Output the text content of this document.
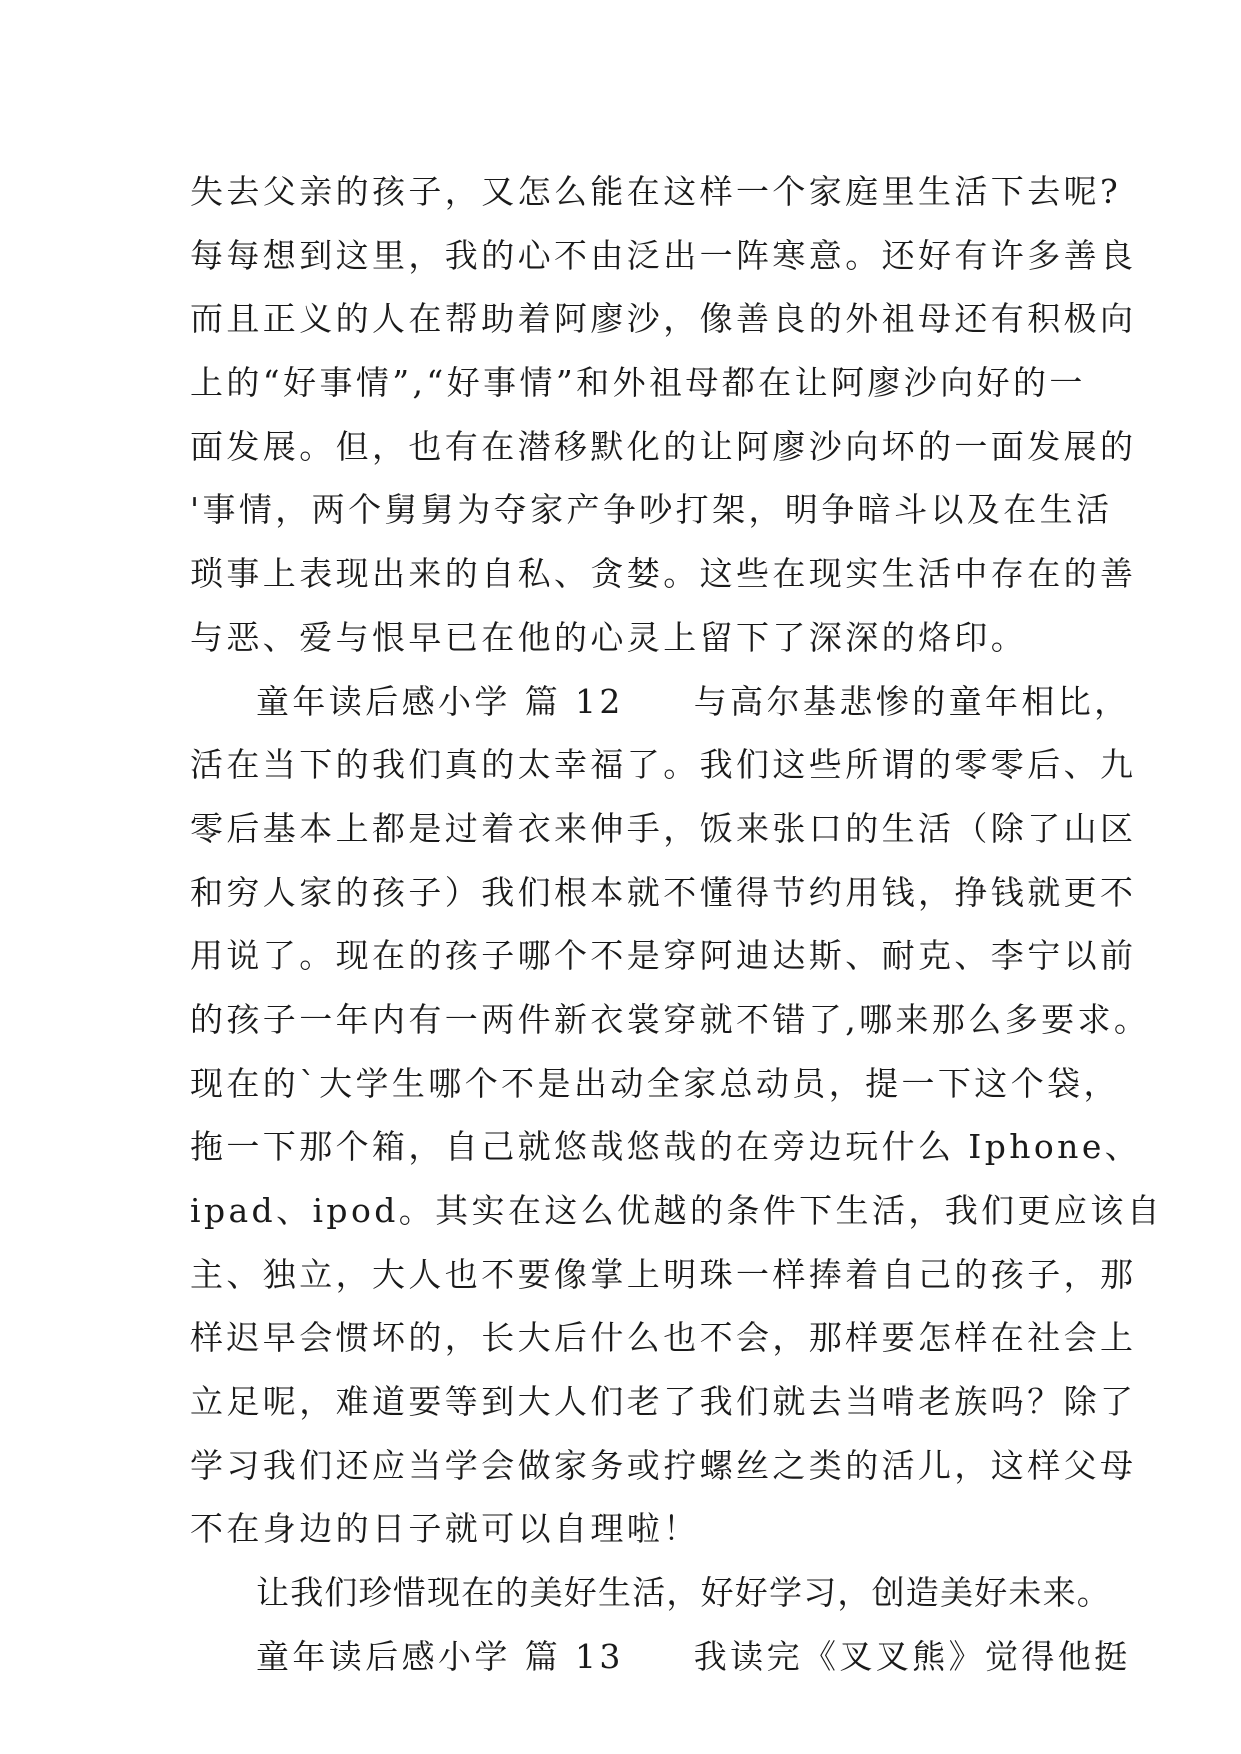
失去父亲的孩子，又怎么能在这样一个家庭里生活下去呢?
每每想到这里，我的心不由泛出一阵寒意。还好有许多善良
而且正义的人在帮助着阿廖沙，像善良的外祖母还有积极向
上的“好事情”,“好事情”和外祖母都在让阿廖沙向好的一
面发展。但，也有在潜移默化的让阿廖沙向坏的一面发展的
'事情，两个舅舅为夺家产争吵打架，明争暗斗以及在生活
琐事上表现出来的自私、贪婪。这些在现实生活中存在的善
与恶、爱与恨早已在他的心灵上留下了深深的烙印。
童年读后感小学 篇 12 与高尔基悲惨的童年相比，
活在当下的我们真的太幸福了。我们这些所谓的零零后、九
零后基本上都是过着衣来伸手，饭来张口的生活（除了山区
和穷人家的孩子）我们根本就不懂得节约用钱，挣钱就更不
用说了。现在的孩子哪个不是穿阿迪达斯、耐克、李宁以前
的孩子一年内有一两件新衣裳穿就不错了,哪来那么多要求。
现在的`大学生哪个不是出动全家总动员，提一下这个袋，
拖一下那个箱，自己就悠哉悠哉的在旁边玩什么 Iphone、
ipad、ipod。其实在这么优越的条件下生活，我们更应该自
主、独立，大人也不要像掌上明珠一样捧着自己的孩子，那
样迟早会惯坏的，长大后什么也不会，那样要怎样在社会上
立足呢，难道要等到大人们老了我们就去当啃老族吗？除了
学习我们还应当学会做家务或拧螺丝之类的活儿，这样父母
不在身边的日子就可以自理啦！
让我们珍惜现在的美好生活，好好学习，创造美好未来。
童年读后感小学 篇 13 我读完《叉叉熊》觉得他挺
